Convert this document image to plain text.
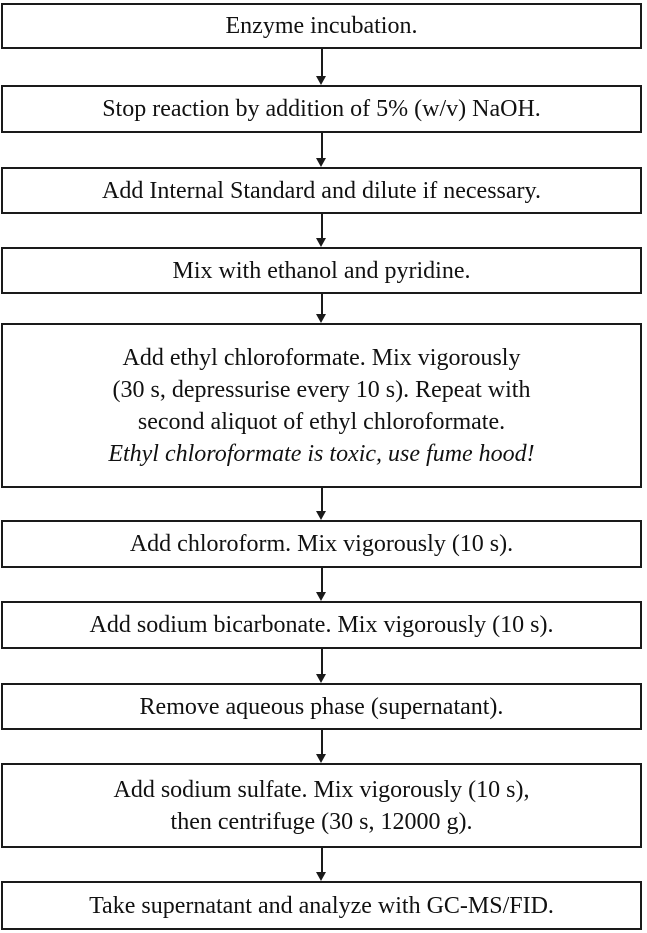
Enzyme incubation.
Stop reaction by addition of 5% (w/v) NaOH.
Add Internal Standard and dilute if necessary.
Mix with ethanol and pyridine.
Add ethyl chloroformate. Mix vigorously
(30 s, depressurise every 10 s). Repeat with
second aliquot of ethyl chloroformate.
Ethyl chloroformate is toxic, use fume hood!
Add chloroform. Mix vigorously (10 s).
Add sodium bicarbonate. Mix vigorously (10 s).
Remove aqueous phase (supernatant).
Add sodium sulfate. Mix vigorously (10 s),
then centrifuge (30 s, 12000 g).
Take supernatant and analyze with GC-MS/FID.
